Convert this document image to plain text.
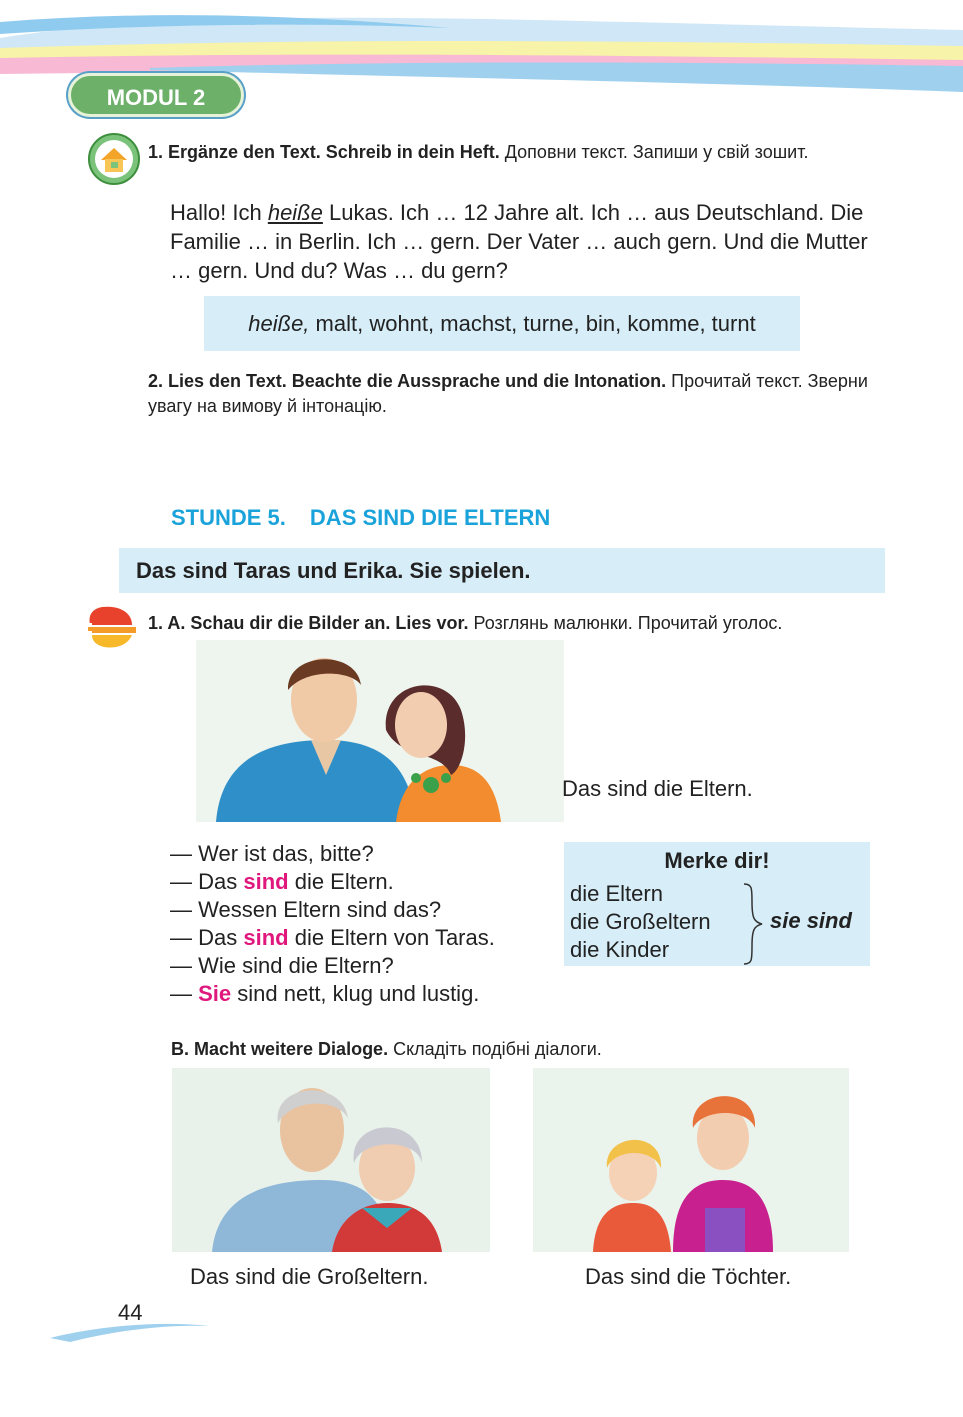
MODUL 2
1. Ergänze den Text. Schreib in dein Heft. Доповни текст. Запиши у свій зошит.
Hallo! Ich heiße Lukas. Ich … 12 Jahre alt. Ich … aus Deutschland. Die Familie … in Berlin. Ich … gern. Der Vater … auch gern. Und die Mutter … gern. Und du? Was … du gern?
heiße, malt, wohnt, machst, turne, bin, komme, turnt
2. Lies den Text. Beachte die Aussprache und die Intonation. Прочитай текст. Зверни увагу на вимову й інтонацію.
STUNDE 5. DAS SIND DIE ELTERN
Das sind Taras und Erika. Sie spielen.
1. A. Schau dir die Bilder an. Lies vor. Розглянь малюнки. Прочитай уголос.
Das sind die Eltern.
— Wer ist das, bitte?
— Das sind die Eltern.
— Wessen Eltern sind das?
— Das sind die Eltern von Taras.
— Wie sind die Eltern?
— Sie sind nett, klug und lustig.
Merke dir!
die Eltern
die Großeltern
die Kinder
sie sind
B. Macht weitere Dialoge. Складіть подібні діалоги.
Das sind die Großeltern.	Das sind die Töchter.
44
